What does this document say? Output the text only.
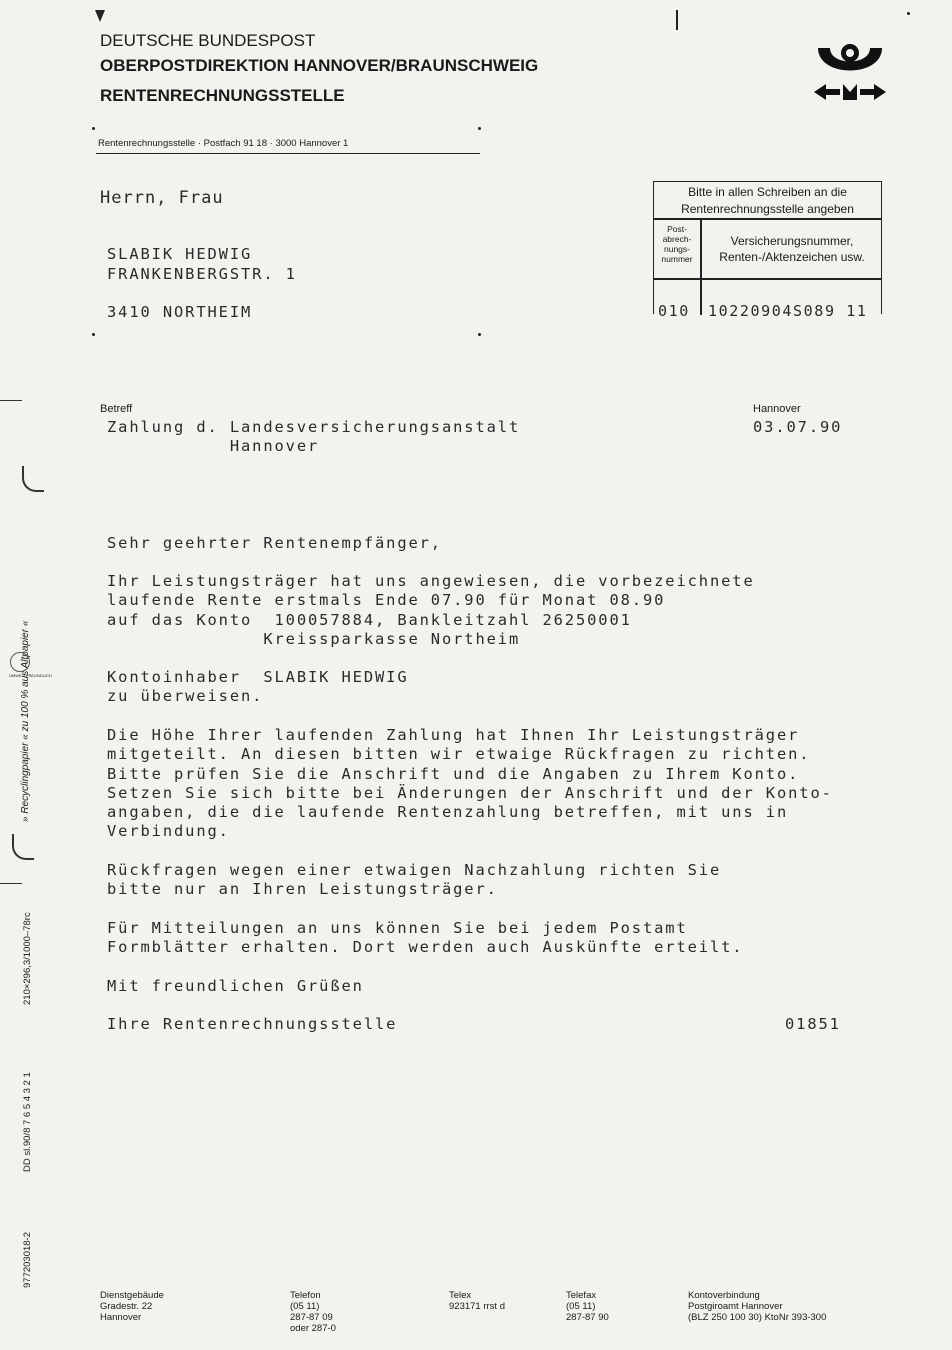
DEUTSCHE BUNDESPOST
OBERPOSTDIREKTION HANNOVER/BRAUNSCHWEIG
RENTENRECHNUNGSSTELLE
Rentenrechnungsstelle · Postfach 91 18 · 3000 Hannover 1
Herrn, Frau
SLABIK HEDWIG
FRANKENBERGSTR. 1
3410 NORTHEIM
Bitte in allen Schreiben an die
Rentenrechnungsstelle angeben
Post-
abrech-
nungs-
nummer
Versicherungsnummer,
Renten-/Aktenzeichen usw.
010 10220904S089 11
» Recyclingpapier « zu 100 % aus Altpapier «
UMWELTFREUNDLICH
210×296,3/1000–78rc
DD sl.90/8 7 6 5 4 3 2 1
977203018-2
Betreff
Zahlung d. Landesversicherungsanstalt
Hannover
Hannover
03.07.90
Sehr geehrter Rentenempfänger,
Ihr Leistungsträger hat uns angewiesen, die vorbezeichnete
laufende Rente erstmals Ende 07.90 für Monat 08.90
auf das Konto  100057884, Bankleitzahl 26250001
Kreissparkasse Northeim
Kontoinhaber  SLABIK HEDWIG
zu überweisen.
Die Höhe Ihrer laufenden Zahlung hat Ihnen Ihr Leistungsträger
mitgeteilt. An diesen bitten wir etwaige Rückfragen zu richten.
Bitte prüfen Sie die Anschrift und die Angaben zu Ihrem Konto.
Setzen Sie sich bitte bei Änderungen der Anschrift und der Konto-
angaben, die die laufende Rentenzahlung betreffen, mit uns in
Verbindung.
Rückfragen wegen einer etwaigen Nachzahlung richten Sie
bitte nur an Ihren Leistungsträger.
Für Mitteilungen an uns können Sie bei jedem Postamt
Formblätter erhalten. Dort werden auch Auskünfte erteilt.
Mit freundlichen Grüßen
Ihre Rentenrechnungsstelle	01851
Dienstgebäude
Gradestr. 22
Hannover
Telefon
(05 11)
287-87 09
oder 287-0
Telex
923171 rrst d
Telefax
(05 11)
287-87 90
Kontoverbindung
Postgiroamt Hannover
(BLZ 250 100 30) KtoNr 393-300
